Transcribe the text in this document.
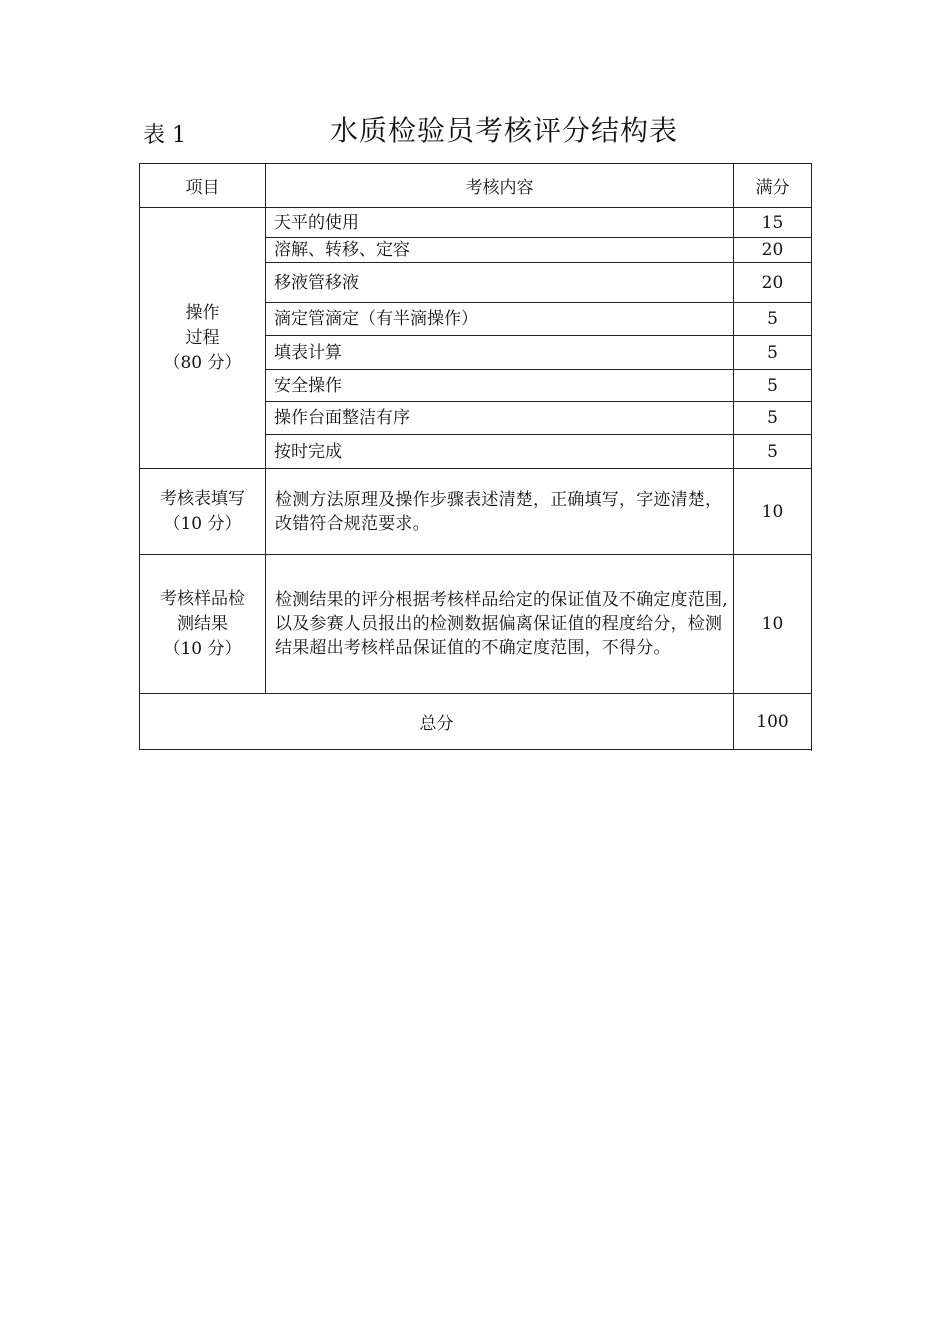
表 1	水质检验员考核评分结构表
项目	考核内容	满分
操作
过程
（80 分）	天平的使用	15
	溶解、转移、定容	20
	移液管移液	20
	滴定管滴定（有半滴操作）	5
	填表计算	5
	安全操作	5
	操作台面整洁有序	5
	按时完成	5
考核表填写
（10 分）	检测方法原理及操作步骤表述清楚，正确填写，字迹清楚，改错符合规范要求。	10
考核样品检
测结果
（10 分）	检测结果的评分根据考核样品给定的保证值及不确定度范围,以及参赛人员报出的检测数据偏离保证值的程度给分，检测结果超出考核样品保证值的不确定度范围，不得分。	10
总分		100
